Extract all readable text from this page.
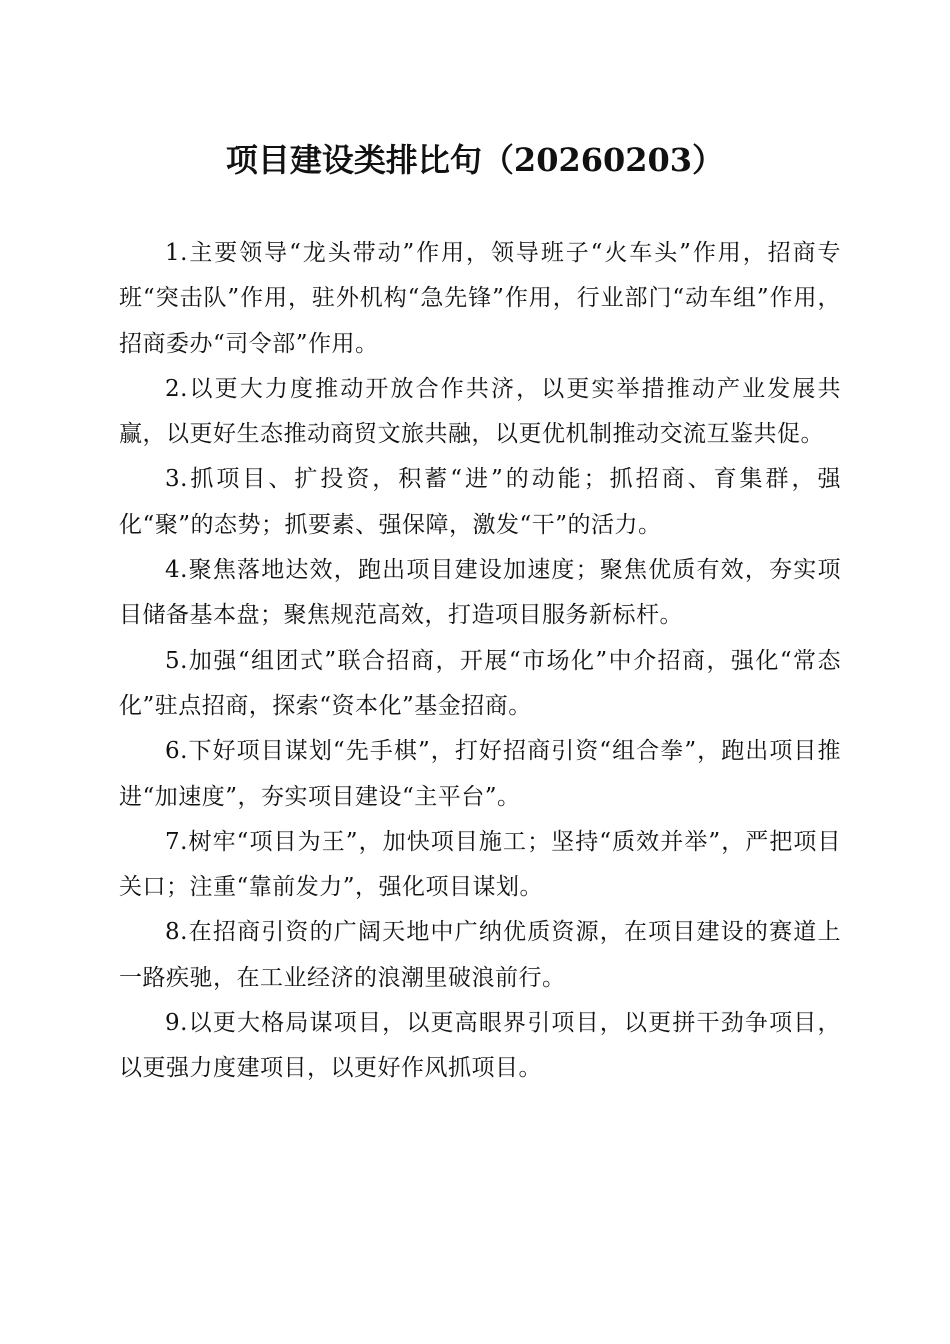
项目建设类排比句（20260203）

1.主要领导“龙头带动”作用，领导班子“火车头”作用，招商专班“突击队”作用，驻外机构“急先锋”作用，行业部门“动车组”作用，招商委办“司令部”作用。

2.以更大力度推动开放合作共济，以更实举措推动产业发展共赢，以更好生态推动商贸文旅共融，以更优机制推动交流互鉴共促。

3.抓项目、扩投资，积蓄“进”的动能；抓招商、育集群，强化“聚”的态势；抓要素、强保障，激发“干”的活力。

4.聚焦落地达效，跑出项目建设加速度；聚焦优质有效，夯实项目储备基本盘；聚焦规范高效，打造项目服务新标杆。

5.加强“组团式”联合招商，开展“市场化”中介招商，强化“常态化”驻点招商，探索“资本化”基金招商。

6.下好项目谋划“先手棋”，打好招商引资“组合拳”，跑出项目推进“加速度”，夯实项目建设“主平台”。

7.树牢“项目为王”，加快项目施工；坚持“质效并举”，严把项目关口；注重“靠前发力”，强化项目谋划。

8.在招商引资的广阔天地中广纳优质资源，在项目建设的赛道上一路疾驰，在工业经济的浪潮里破浪前行。

9.以更大格局谋项目，以更高眼界引项目，以更拼干劲争项目，以更强力度建项目，以更好作风抓项目。
